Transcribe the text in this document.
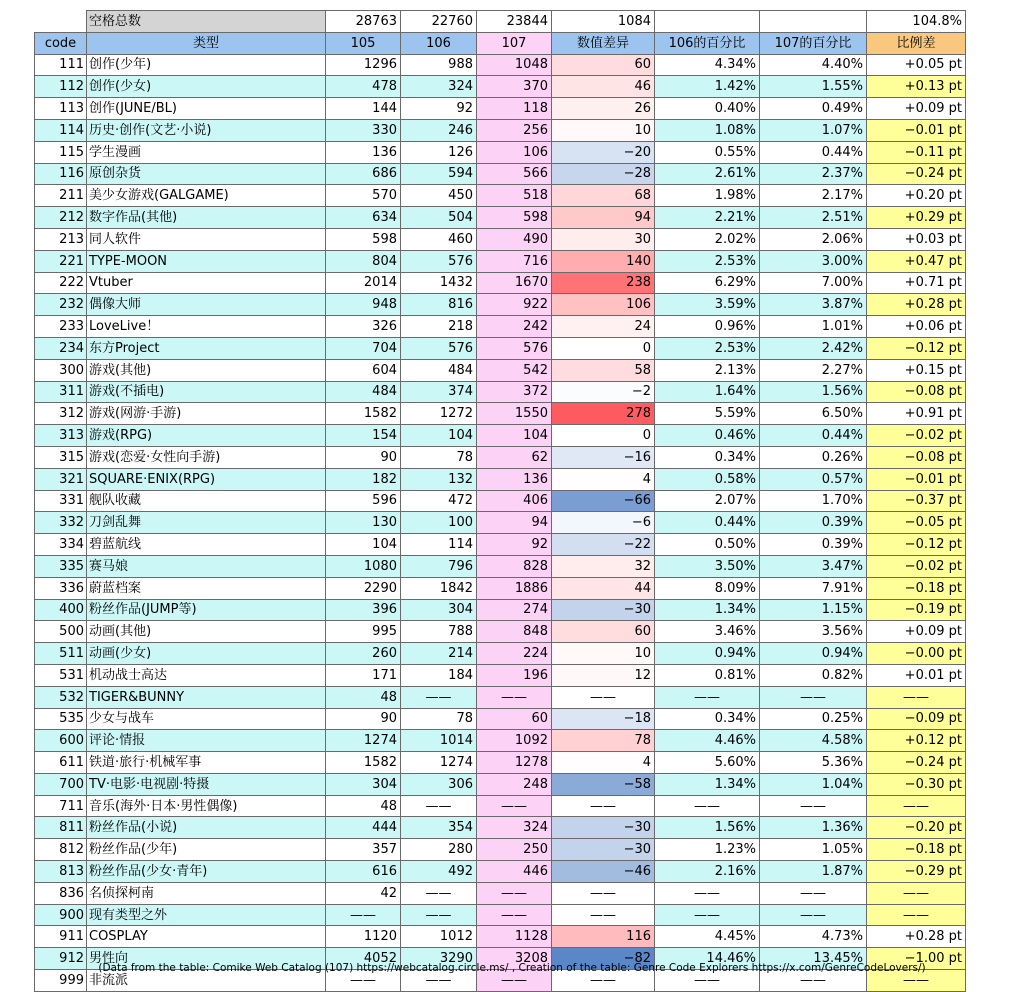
	空格总数	28763	22760	23844	1084			104.8%
code	类型	105	106	107	数值差异	106的百分比	107的百分比	比例差
111	创作(少年)	1296	988	1048	60	4.34%	4.40%	+0.05 pt
112	创作(少女)	478	324	370	46	1.42%	1.55%	+0.13 pt
113	创作(JUNE/BL)	144	92	118	26	0.40%	0.49%	+0.09 pt
114	历史·创作(文艺·小说)	330	246	256	10	1.08%	1.07%	−0.01 pt
115	学生漫画	136	126	106	−20	0.55%	0.44%	−0.11 pt
116	原创杂货	686	594	566	−28	2.61%	2.37%	−0.24 pt
211	美少女游戏(GALGAME)	570	450	518	68	1.98%	2.17%	+0.20 pt
212	数字作品(其他)	634	504	598	94	2.21%	2.51%	+0.29 pt
213	同人软件	598	460	490	30	2.02%	2.06%	+0.03 pt
221	TYPE-MOON	804	576	716	140	2.53%	3.00%	+0.47 pt
222	Vtuber	2014	1432	1670	238	6.29%	7.00%	+0.71 pt
232	偶像大师	948	816	922	106	3.59%	3.87%	+0.28 pt
233	LoveLive！	326	218	242	24	0.96%	1.01%	+0.06 pt
234	东方Project	704	576	576	0	2.53%	2.42%	−0.12 pt
300	游戏(其他)	604	484	542	58	2.13%	2.27%	+0.15 pt
311	游戏(不插电)	484	374	372	−2	1.64%	1.56%	−0.08 pt
312	游戏(网游·手游)	1582	1272	1550	278	5.59%	6.50%	+0.91 pt
313	游戏(RPG)	154	104	104	0	0.46%	0.44%	−0.02 pt
315	游戏(恋爱·女性向手游)	90	78	62	−16	0.34%	0.26%	−0.08 pt
321	SQUARE·ENIX(RPG)	182	132	136	4	0.58%	0.57%	−0.01 pt
331	舰队收藏	596	472	406	−66	2.07%	1.70%	−0.37 pt
332	刀剑乱舞	130	100	94	−6	0.44%	0.39%	−0.05 pt
334	碧蓝航线	104	114	92	−22	0.50%	0.39%	−0.12 pt
335	赛马娘	1080	796	828	32	3.50%	3.47%	−0.02 pt
336	蔚蓝档案	2290	1842	1886	44	8.09%	7.91%	−0.18 pt
400	粉丝作品(JUMP等)	396	304	274	−30	1.34%	1.15%	−0.19 pt
500	动画(其他)	995	788	848	60	3.46%	3.56%	+0.09 pt
511	动画(少女)	260	214	224	10	0.94%	0.94%	−0.00 pt
531	机动战士高达	171	184	196	12	0.81%	0.82%	+0.01 pt
532	TIGER&BUNNY	48	——	——	——	——	——	——
535	少女与战车	90	78	60	−18	0.34%	0.25%	−0.09 pt
600	评论·情报	1274	1014	1092	78	4.46%	4.58%	+0.12 pt
611	铁道·旅行·机械军事	1582	1274	1278	4	5.60%	5.36%	−0.24 pt
700	TV·电影·电视剧·特摄	304	306	248	−58	1.34%	1.04%	−0.30 pt
711	音乐(海外·日本·男性偶像)	48	——	——	——	——	——	——
811	粉丝作品(小说)	444	354	324	−30	1.56%	1.36%	−0.20 pt
812	粉丝作品(少年)	357	280	250	−30	1.23%	1.05%	−0.18 pt
813	粉丝作品(少女·青年)	616	492	446	−46	2.16%	1.87%	−0.29 pt
836	名侦探柯南	42	——	——	——	——	——	——
900	现有类型之外	——	——	——	——	——	——	——
911	COSPLAY	1120	1012	1128	116	4.45%	4.73%	+0.28 pt
912	男性向	4052	3290	3208	−82	14.46%	13.45%	−1.00 pt
999	非流派	——	——	——	——	——	——	——
(Data from the table: Comike Web Catalog (107) https://webcatalog.circle.ms/ , Creation of the table: Genre Code Explorers https://x.com/GenreCodeLovers/)
